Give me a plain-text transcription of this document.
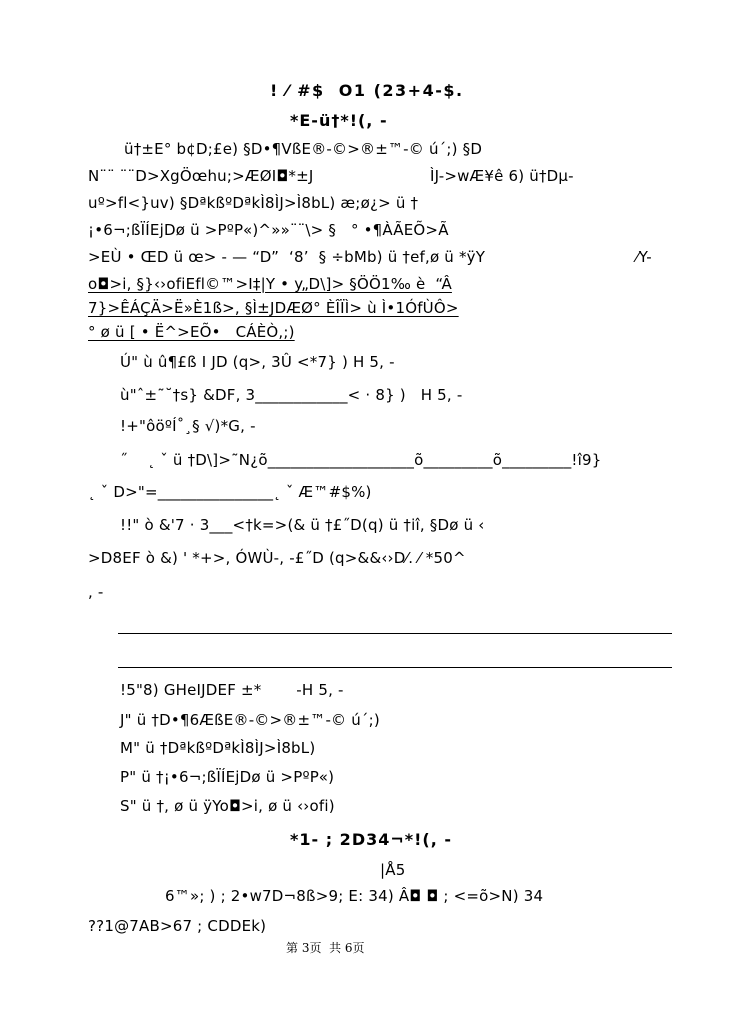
! ⁄ #$  O1 (23+4-$.
*E-ü†*!(, -
ü†±E° b¢D;£e) §D•¶VßE®-©>®±™-© ú´;) §D
N¨¨ ¨¨D>XgÖœhu;>ÆØI◘*±J	ÌJ->wÆ¥ê 6) ü†Dµ-
uº>fl<}uv) §DªkßºDªkÌ8ÌJ>Ì8bL) æ;ø¿> ü †
¡•6¬;ßÏÍEjDø ü >PºP«)^»»¨¨\> §   ° •¶ÀÃEÕ>Ã
>EÙ • ŒD ü œ> - — “D”  ‘8’  § ÷bMb) ü †ef,ø ü *ÿY	⁄Y-
o◘>i, §}‹›ofiEfl©™>I‡|Y • y„D\]> §ÖÖ1‰ è  “Â
7}>ÊÁÇÄ>Ë»È1ß>, §Ì±JDÆØ° ÈÎÏÌ> ù Ì•1ÓfÙÔ>
° ø ü [ • Ë^>EÕ•   CÁÈÒ,;)
Ú" ù û¶£ß I JD (q>, 3Û <*7} ) H 5, -
ù"ˆ±˜˘†s} &DF, 3____________< · 8} )   H 5, -
!+"ôöºÍ˚¸§ √)*G, -
˝    ˛ ˇ ü †D\]>˜N¿õ___________________õ_________õ_________!î9}
˛ ˇ D>"=_______________˛ ˇ Æ™#$%)
!!" ò &'7 · 3___<†k=>(& ü †£˝D(q) ü †iî, §Dø ü ‹
>D8EF ò &) ' *+>, ÓWÙ-, -£˝D (q>&&‹›D⁄. ⁄ *50^
, -
!5"8) GHeIJDEF ±*       -H 5, -
J" ü †D•¶6ÆßE®-©>®±™-© ú´;)
M" ü †DªkßºDªkÌ8ÌJ>Ì8bL)
P" ü †¡•6¬;ßÏÍEjDø ü >PºP«)
S" ü †, ø ü ÿYo◘>i, ø ü ‹›ofi)
*1- ; 2D34¬*!(, -
|Å5
6™»; ) ; 2•w7D¬8ß>9; E: 34) Â◘ ◘ ; <=õ>N) 34
??1@7AB>67 ; CDDEk)
第 3页  共 6页
